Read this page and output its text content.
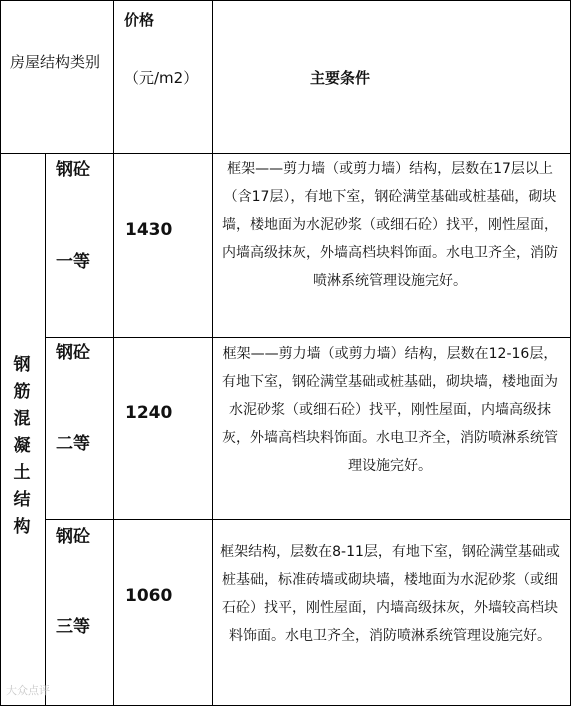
房屋结构类别
价格
（元/m2）	主要条件
钢筋混凝土结构
钢砼
一等
1430
框架——剪力墙（或剪力墙）结构，层数在17层以上（含17层），有地下室，钢砼满堂基础或桩基础，砌块墙，楼地面为水泥砂浆（或细石砼）找平，刚性屋面，内墙高级抹灰，外墙高档块料饰面。水电卫齐全，消防喷淋系统管理设施完好。
钢砼
二等
1240
框架——剪力墙（或剪力墙）结构，层数在12-16层，有地下室，钢砼满堂基础或桩基础，砌块墙，楼地面为水泥砂浆（或细石砼）找平，刚性屋面，内墙高级抹灰，外墙高档块料饰面。水电卫齐全，消防喷淋系统管理设施完好。
钢砼
三等
1060
框架结构，层数在8-11层，有地下室，钢砼满堂基础或桩基础，标准砖墙或砌块墙，楼地面为水泥砂浆（或细石砼）找平，刚性屋面，内墙高级抹灰，外墙较高档块料饰面。水电卫齐全，消防喷淋系统管理设施完好。
大众点评
